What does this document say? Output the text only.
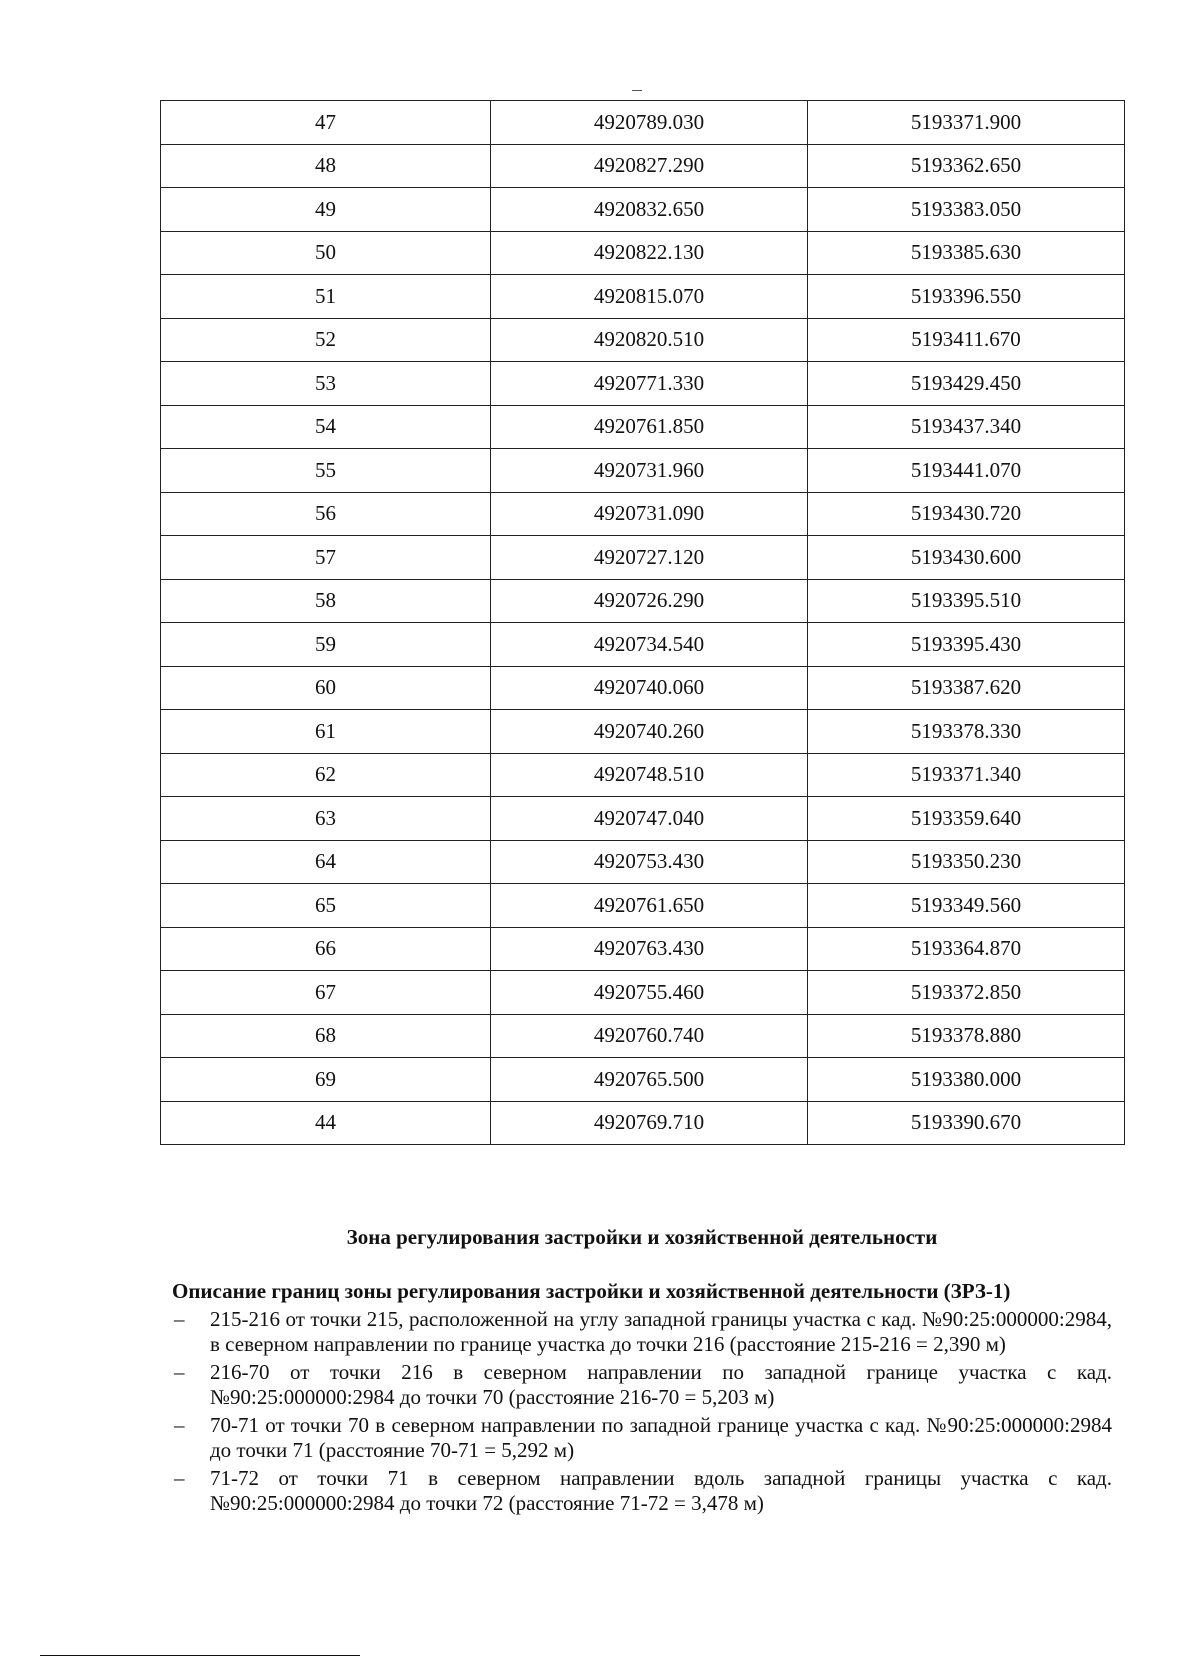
47	4920789.030	5193371.900
48	4920827.290	5193362.650
49	4920832.650	5193383.050
50	4920822.130	5193385.630
51	4920815.070	5193396.550
52	4920820.510	5193411.670
53	4920771.330	5193429.450
54	4920761.850	5193437.340
55	4920731.960	5193441.070
56	4920731.090	5193430.720
57	4920727.120	5193430.600
58	4920726.290	5193395.510
59	4920734.540	5193395.430
60	4920740.060	5193387.620
61	4920740.260	5193378.330
62	4920748.510	5193371.340
63	4920747.040	5193359.640
64	4920753.430	5193350.230
65	4920761.650	5193349.560
66	4920763.430	5193364.870
67	4920755.460	5193372.850
68	4920760.740	5193378.880
69	4920765.500	5193380.000
44	4920769.710	5193390.670
Зона регулирования застройки и хозяйственной деятельности
Описание границ зоны регулирования застройки и хозяйственной деятельности (ЗРЗ-1)
– 215-216 от точки 215, расположенной на углу западной границы участка с кад. №90:25:000000:2984, в северном направлении по границе участка до точки 216 (расстояние 215-216 = 2,390 м)
– 216-70 от точки 216 в северном направлении по западной границе участка с кад. №90:25:000000:2984 до точки 70 (расстояние 216-70 = 5,203 м)
– 70-71 от точки 70 в северном направлении по западной границе участка с кад. №90:25:000000:2984 до точки 71 (расстояние 70-71 = 5,292 м)
– 71-72 от точки 71 в северном направлении вдоль западной границы участка с кад. №90:25:000000:2984 до точки 72 (расстояние 71-72 = 3,478 м)
